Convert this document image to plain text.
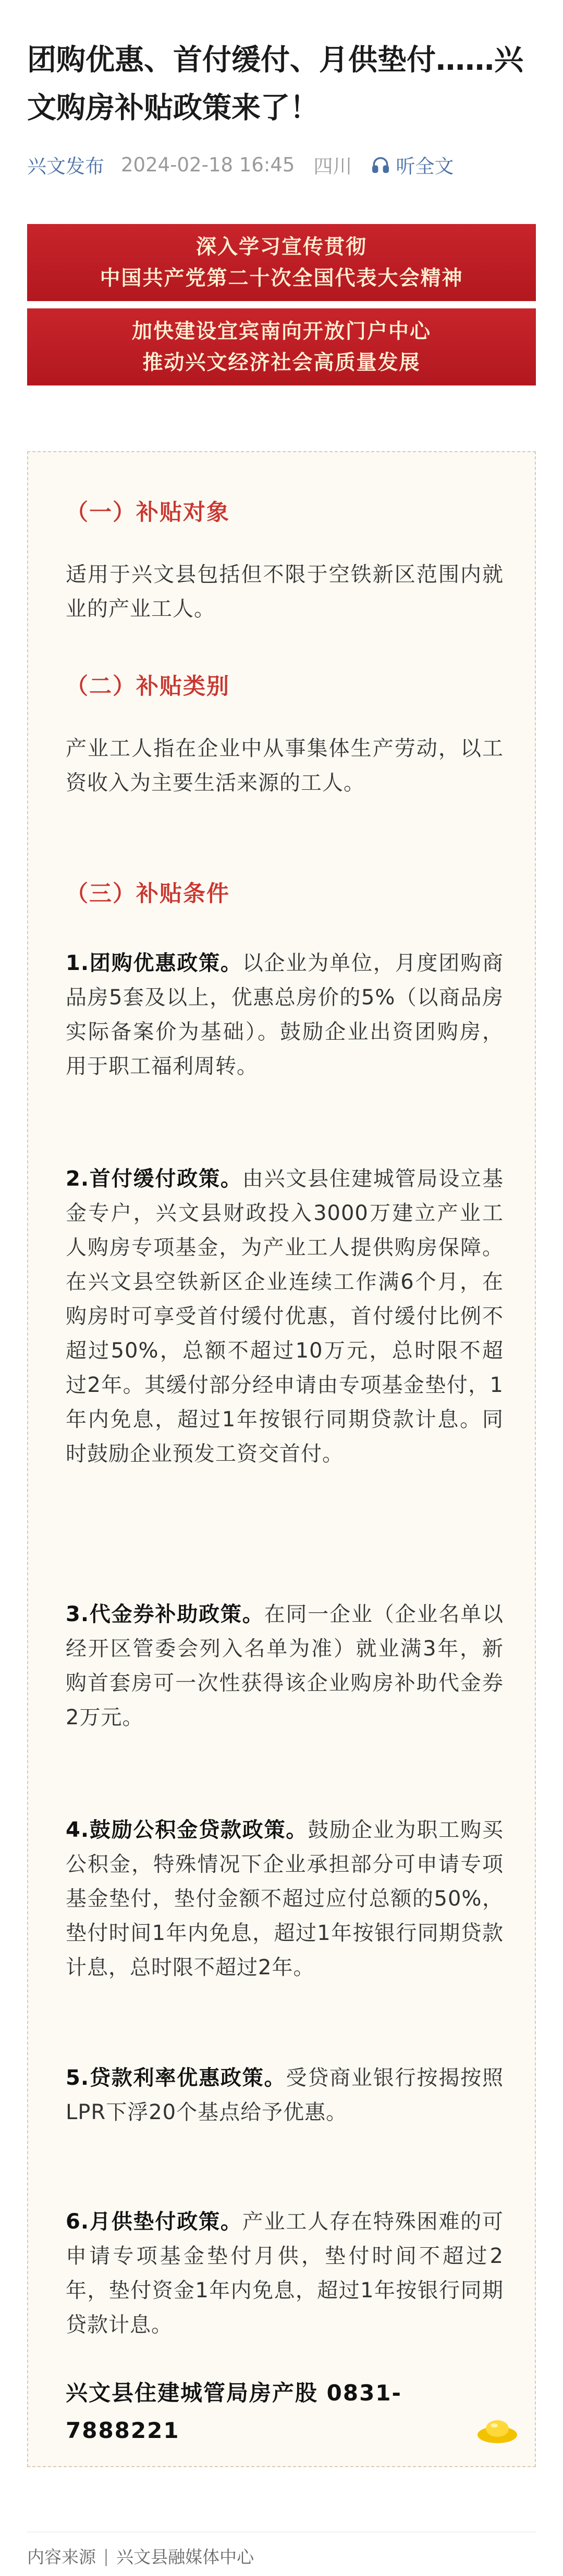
团购优惠、首付缓付、月供垫付……兴文购房补贴政策来了！
兴文发布 2024-02-18 16:45 四川 听全文
深入学习宣传贯彻
中国共产党第二十次全国代表大会精神
加快建设宜宾南向开放门户中心
推动兴文经济社会高质量发展
（一）补贴对象
适用于兴文县包括但不限于空铁新区范围内就业的产业工人。
（二）补贴类别
产业工人指在企业中从事集体生产劳动，以工资收入为主要生活来源的工人。
（三）补贴条件
1.团购优惠政策。以企业为单位，月度团购商品房5套及以上，优惠总房价的5%（以商品房实际备案价为基础）。鼓励企业出资团购房，用于职工福利周转。
2.首付缓付政策。由兴文县住建城管局设立基金专户，兴文县财政投入3000万建立产业工人购房专项基金，为产业工人提供购房保障。在兴文县空铁新区企业连续工作满6个月，在购房时可享受首付缓付优惠，首付缓付比例不超过50%，总额不超过10万元，总时限不超过2年。其缓付部分经申请由专项基金垫付，1年内免息，超过1年按银行同期贷款计息。同时鼓励企业预发工资交首付。
3.代金券补助政策。在同一企业（企业名单以经开区管委会列入名单为准）就业满3年，新购首套房可一次性获得该企业购房补助代金券2万元。
4.鼓励公积金贷款政策。鼓励企业为职工购买公积金，特殊情况下企业承担部分可申请专项基金垫付，垫付金额不超过应付总额的50%，垫付时间1年内免息，超过1年按银行同期贷款计息，总时限不超过2年。
5.贷款利率优惠政策。受贷商业银行按揭按照LPR下浮20个基点给予优惠。
6.月供垫付政策。产业工人存在特殊困难的可申请专项基金垫付月供，垫付时间不超过2年，垫付资金1年内免息，超过1年按银行同期贷款计息。
兴文县住建城管局房产股 0831-7888221
内容来源 | 兴文县融媒体中心
